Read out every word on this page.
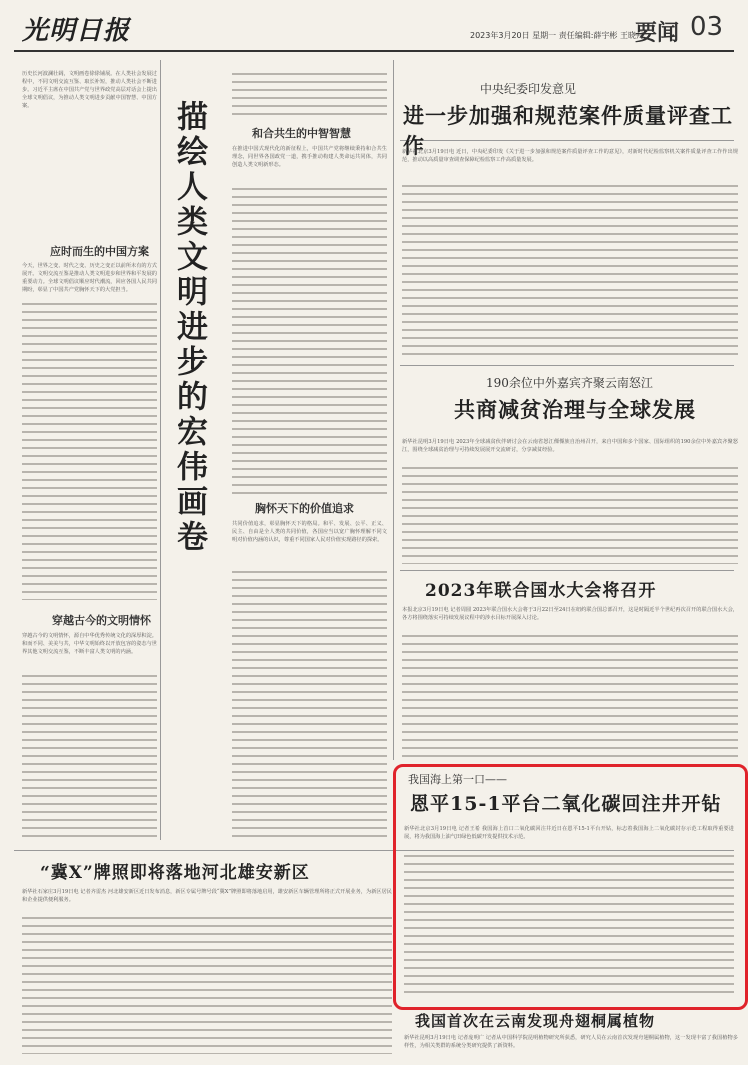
光明日报	2023年3月20日 星期一 责任编辑:薛宇彬 王晓丹
要闻 03
历史长河波澜壮阔，文明画卷徐徐铺展。在人类社会发展过程中，不同文明交流互鉴、取长补短，推动人类社会不断进步。习近平主席在中国共产党与世界政党高层对话会上提出全球文明倡议，为推动人类文明进步贡献中国智慧、中国方案。
应时而生的中国方案
今天，世界之变、时代之变、历史之变正以前所未有的方式展开。文明交流互鉴是推动人类文明进步和世界和平发展的重要动力。全球文明倡议顺应时代潮流，回应各国人民共同期盼，彰显了中国共产党胸怀天下的大党担当。
穿越古今的文明情怀
穿越古今的文明情怀，源自中华优秀传统文化的深厚积淀。和而不同、美美与共，中华文明始终以开放包容的姿态与世界其他文明交流互鉴，不断丰富人类文明的内涵。
描绘人类文明进步的宏伟画卷	和合共生的中智智慧
在推进中国式现代化的新征程上，中国共产党将继续秉持和合共生理念，同世界各国政党一道，携手推动构建人类命运共同体，共同创造人类文明新形态。
胸怀天下的价值追求
共同价值追求，彰显胸怀天下的格局。和平、发展、公平、正义、民主、自由是全人类的共同价值，各国应当以宽广胸怀理解不同文明对价值内涵的认识，尊重不同国家人民对价值实现路径的探索。
中央纪委印发意见
进一步加强和规范案件质量评查工作
新华社北京3月19日电 近日，中央纪委印发《关于进一步加强和规范案件质量评查工作的意见》，对新时代纪检监察机关案件质量评查工作作出规范，推动以高质量审查调查保障纪检监察工作高质量发展。
190余位中外嘉宾齐聚云南怒江
共商减贫治理与全球发展
新华社昆明3月19日电 2023年全球减贫伙伴研讨会在云南省怒江傈僳族自治州召开，来自中国和多个国家、国际组织的190余位中外嘉宾齐聚怒江，围绕全球减贫治理与可持续发展展开交流研讨，分享减贫经验。
2023年联合国水大会将召开
本报北京3月19日电 记者周圆 2023年联合国水大会将于3月22日至24日在纽约联合国总部召开，这是时隔近半个世纪再次召开的联合国水大会，各方将围绕落实可持续发展议程中的涉水目标开展深入讨论。
我国海上第一口——
恩平15-1平台二氧化碳回注井开钻
新华社北京3月19日电 记者王希 我国海上首口二氧化碳回注井近日在恩平15-1平台开钻，标志着我国海上二氧化碳封存示范工程取得重要进展，将为我国海上油气田绿色低碳开发提供技术示范。
“冀X”牌照即将落地河北雄安新区
新华社石家庄3月19日电 记者齐雷杰 河北雄安新区近日发布消息，新区专属号牌号段“冀X”牌照即将落地启用，雄安新区车辆管理所将正式开展业务，为新区居民和企业提供便利服务。
我国首次在云南发现舟翅桐属植物
新华社昆明3月19日电 记者庞明广 记者从中国科学院昆明植物研究所获悉，研究人员在云南首次发现舟翅桐属植物，这一发现丰富了我国植物多样性，为相关类群的系统分类研究提供了新资料。
